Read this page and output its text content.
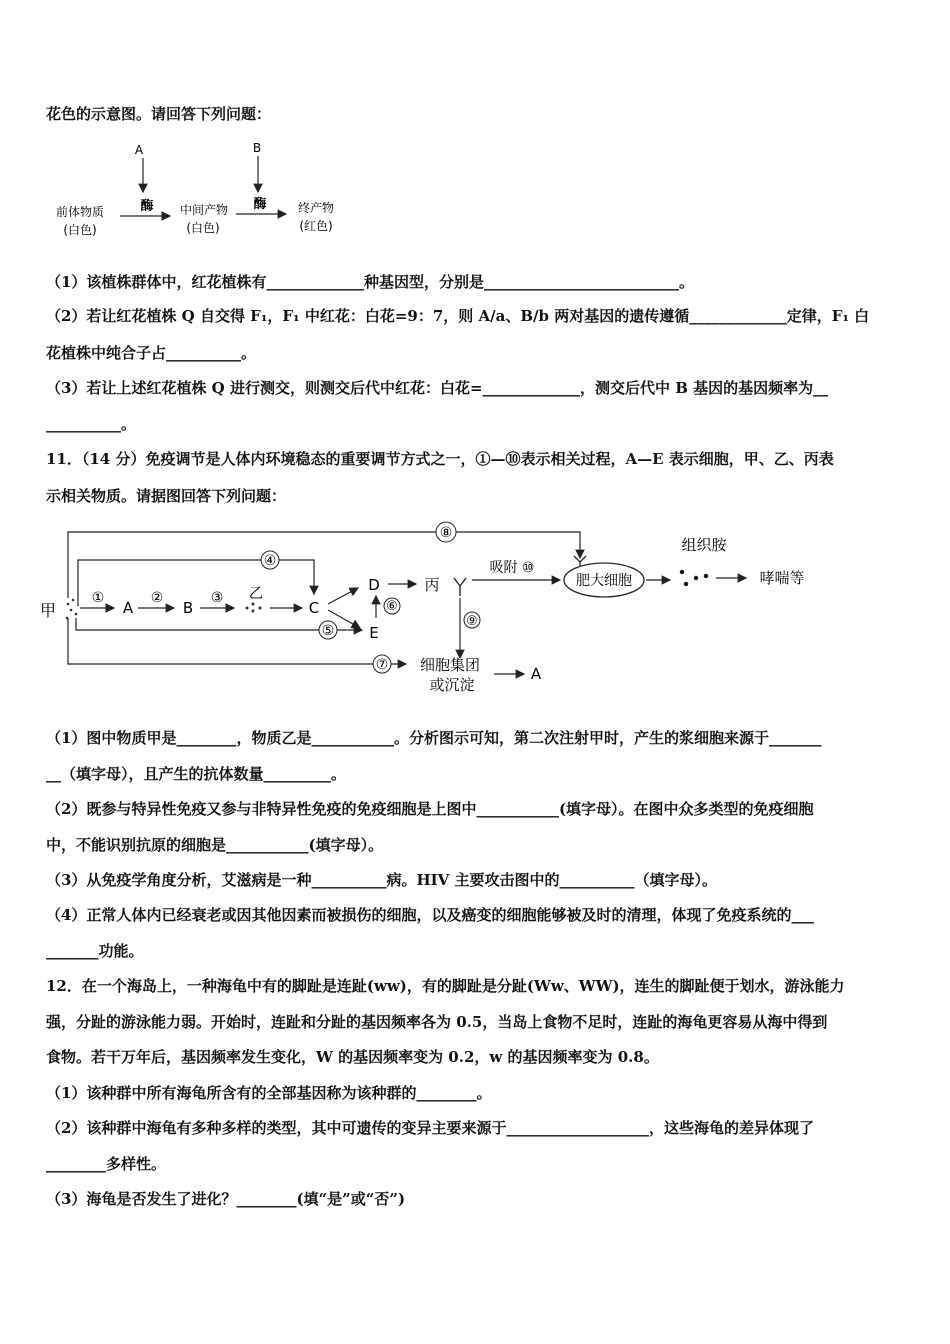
花色的示意图。请回答下列问题：
A	B
酶	酶
前体物质
(白色)
中间产物
(白色)
终产物
(红色)
（1）该植株群体中，红花植株有_____________种基因型，分别是__________________________。
（2）若让红花植株 Q 自交得 F₁，F₁ 中红花：白花=9：7，则 A/a、B/b 两对基因的遗传遵循_____________定律，F₁ 白
花植株中纯合子占__________。
（3）若让上述红花植株 Q 进行测交，则测交后代中红花：白花=_____________，测交后代中 B 基因的基因频率为__
__________。
11．（14 分）免疫调节是人体内环境稳态的重要调节方式之一，①—⑩表示相关过程，A—E 表示细胞，甲、乙、丙表
示相关物质。请据图回答下列问题：
甲
⑧
④
①
A
②
B
③ 乙
C
D
E
⑥
⑤
丙
吸附 ⑩
肥大细胞
组织胺
哮喘等
⑨
⑦ 细胞集团
或沉淀
A
（1）图中物质甲是________，物质乙是___________。分析图示可知，第二次注射甲时，产生的浆细胞来源于_______
__（填字母），且产生的抗体数量_________。
（2）既参与特异性免疫又参与非特异性免疫的免疫细胞是上图中___________(填字母）。在图中众多类型的免疫细胞
中，不能识别抗原的细胞是___________(填字母）。
（3）从免疫学角度分析，艾滋病是一种__________病。HIV 主要攻击图中的__________（填字母）。
（4）正常人体内已经衰老或因其他因素而被损伤的细胞，以及癌变的细胞能够被及时的清理，体现了免疫系统的___
_______功能。
12．在一个海岛上，一种海龟中有的脚趾是连趾(ww)，有的脚趾是分趾(Ww、WW)，连生的脚趾便于划水，游泳能力
强，分趾的游泳能力弱。开始时，连趾和分趾的基因频率各为 0.5，当岛上食物不足时，连趾的海龟更容易从海中得到
食物。若干万年后，基因频率发生变化，W 的基因频率变为 0.2，w 的基因频率变为 0.8。
（1）该种群中所有海龟所含有的全部基因称为该种群的________。
（2）该种群中海龟有多种多样的类型，其中可遗传的变异主要来源于___________________，这些海龟的差异体现了
________多样性。
（3）海龟是否发生了进化？________(填“是”或“否”)
